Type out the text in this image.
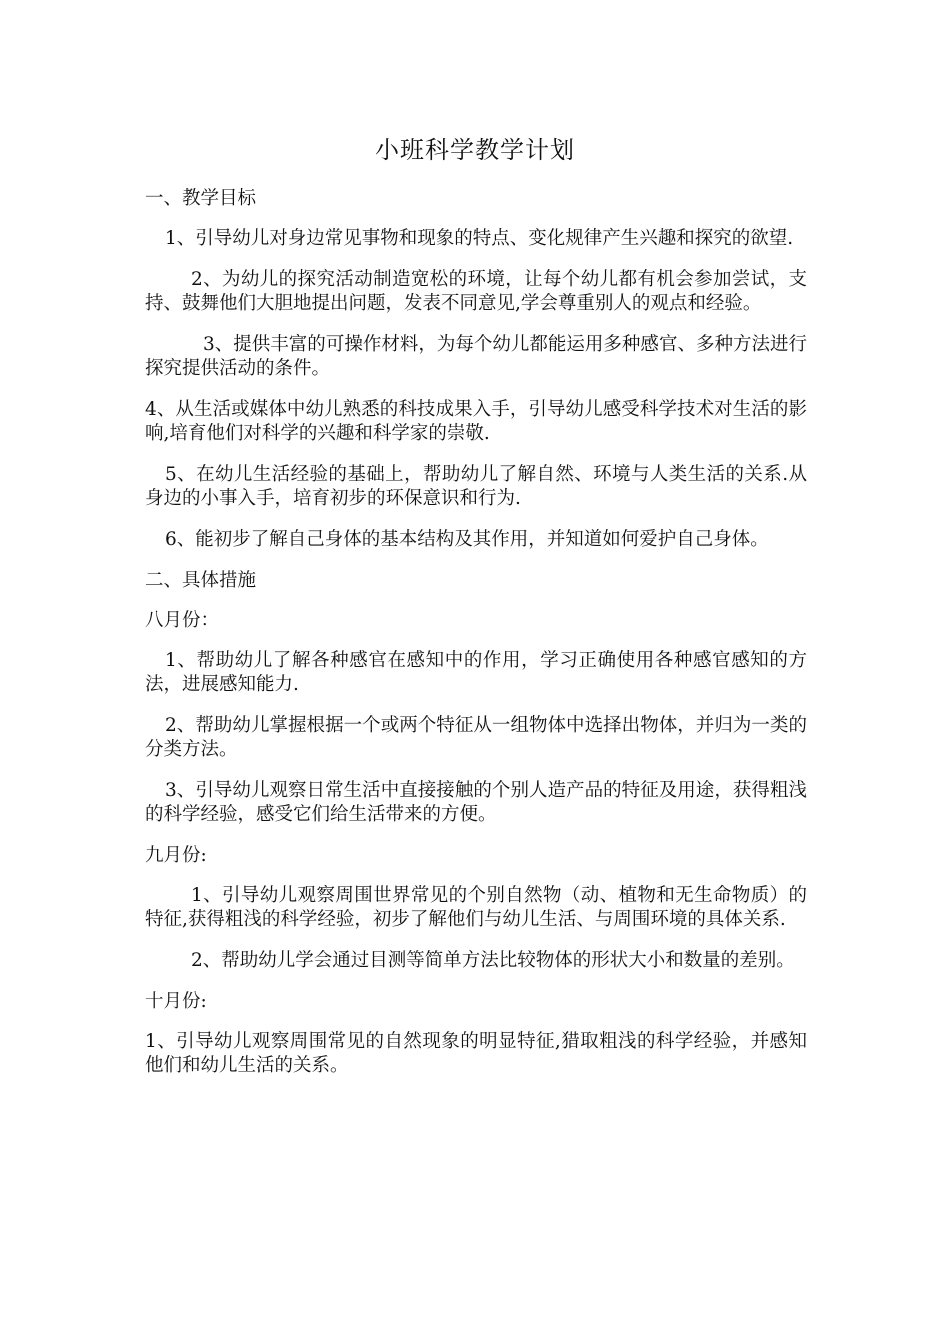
小班科学教学计划

一、教学目标

1、引导幼儿对身边常见事物和现象的特点、变化规律产生兴趣和探究的欲望.

2、为幼儿的探究活动制造宽松的环境，让每个幼儿都有机会参加尝试，支持、鼓舞他们大胆地提出问题，发表不同意见,学会尊重别人的观点和经验。

3、提供丰富的可操作材料，为每个幼儿都能运用多种感官、多种方法进行探究提供活动的条件。

4、从生活或媒体中幼儿熟悉的科技成果入手，引导幼儿感受科学技术对生活的影响,培育他们对科学的兴趣和科学家的崇敬.

5、在幼儿生活经验的基础上，帮助幼儿了解自然、环境与人类生活的关系.从身边的小事入手，培育初步的环保意识和行为.

6、能初步了解自己身体的基本结构及其作用，并知道如何爱护自己身体。

二、具体措施

八月份：

1、帮助幼儿了解各种感官在感知中的作用，学习正确使用各种感官感知的方法，进展感知能力.

2、帮助幼儿掌握根据一个或两个特征从一组物体中选择出物体，并归为一类的分类方法。

3、引导幼儿观察日常生活中直接接触的个别人造产品的特征及用途，获得粗浅的科学经验，感受它们给生活带来的方便。

九月份:

1、引导幼儿观察周围世界常见的个别自然物（动、植物和无生命物质）的特征,获得粗浅的科学经验，初步了解他们与幼儿生活、与周围环境的具体关系.

2、帮助幼儿学会通过目测等简单方法比较物体的形状大小和数量的差别。

十月份:

1、引导幼儿观察周围常见的自然现象的明显特征,猎取粗浅的科学经验，并感知他们和幼儿生活的关系。
